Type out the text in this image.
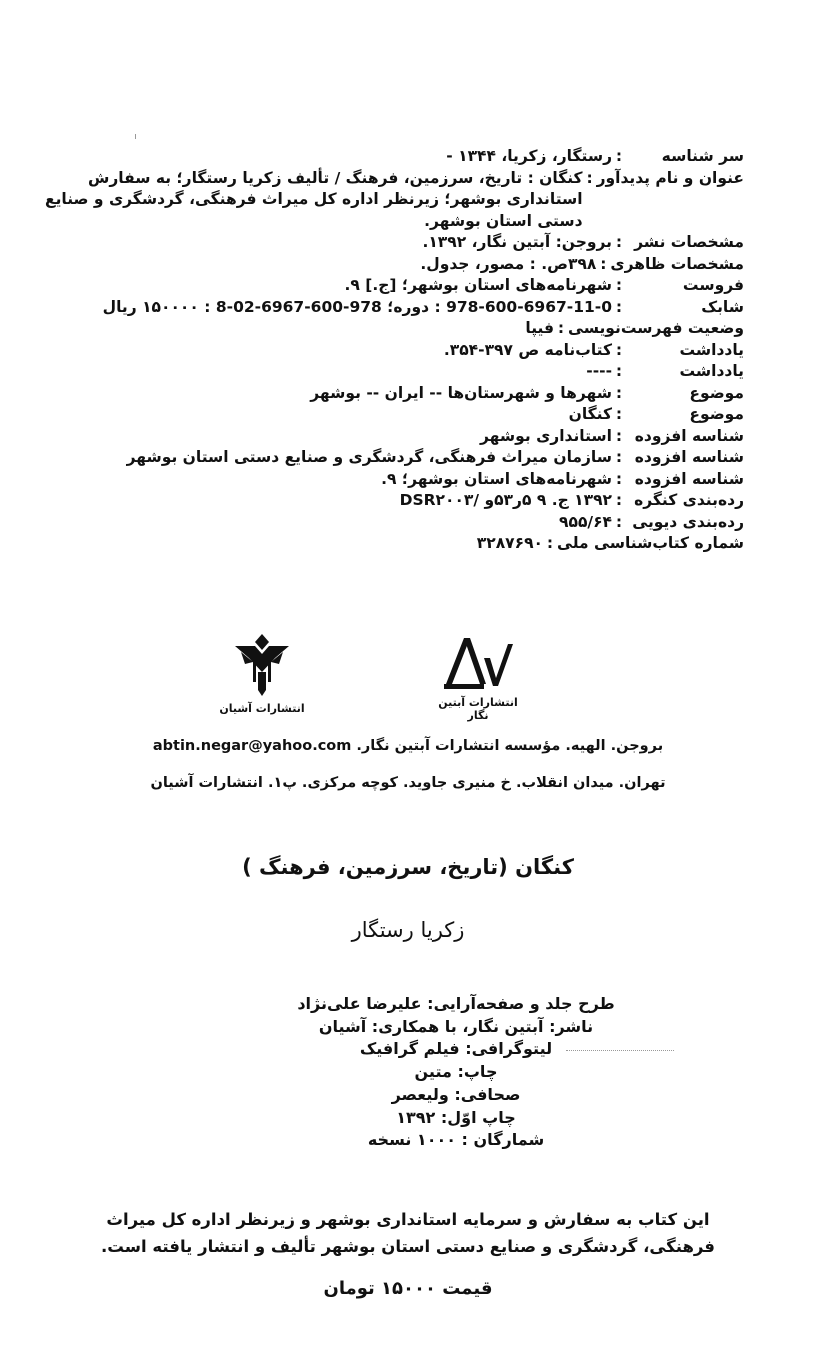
سر شناسه
:
رستگار، زکریا، ۱۳۴۴ -
عنوان و نام پدیدآور
:
کنگان : تاریخ، سرزمین، فرهنگ / تألیف زکریا رستگار؛ به سفارش استانداری بوشهر؛ زیرنظر اداره کل میراث فرهنگی، گردشگری و صنایع دستی استان بوشهر.
مشخصات نشر
:
بروجن: آبتین نگار، ۱۳۹۲.
مشخصات ظاهری
:
۳۹۸ص. : مصور، جدول.
فروست
:
شهرنامه‌های استان بوشهر؛ [ج.] ۹.
شابک
:
978-600-6967-11-0 : دوره؛ 978-600-6967-02-8 : ۱۵۰۰۰۰ ریال
وضعیت فهرست‌نویسی
:
فیپا
یادداشت
:
کتاب‌نامه ص ۳۹۷-۳۵۴.
یادداشت
:
----
موضوع
:
شهرها و شهرستان‌ها -- ایران -- بوشهر
موضوع
:
کنگان
شناسه افزوده
:
استانداری بوشهر
شناسه افزوده
:
سازمان میراث فرهنگی، گردشگری و صنایع دستی استان بوشهر
شناسه افزوده
:
شهرنامه‌های استان بوشهر؛ ۹.
رده‌بندی کنگره
:
۱۳۹۲ ج. ۹ ۵ر۵۳و /DSR۲۰۰۳
رده‌بندی دیویی
:
۹۵۵/۶۴
شماره کتاب‌شناسی ملی
:
۳۲۸۷۶۹۰
انتشارات آشیان	انتشارات آبتین نگار
بروجن. الهیه. مؤسسه انتشارات آبتین نگار. abtin.negar@yahoo.com
تهران. میدان انقلاب. خ منیری جاوید. کوچه مرکزی. پ۱. انتشارات آشیان
کنگان (تاریخ، سرزمین، فرهنگ )
زکریا رستگار
طرح جلد و صفحه‌آرایی: علیرضا علی‌نژاد
ناشر: آبتین نگار، با همکاری: آشیان
لیتوگرافی: فیلم گرافیک
چاپ: متین
صحافی: ولیعصر
چاپ اوّل: ۱۳۹۲
شمارگان : ۱۰۰۰ نسخه
این کتاب به سفارش و سرمایه استانداری بوشهر و زیرنظر اداره کل میراث فرهنگی، گردشگری و صنایع دستی استان بوشهر تألیف و انتشار یافته است.
قیمت ۱۵۰۰۰ تومان
